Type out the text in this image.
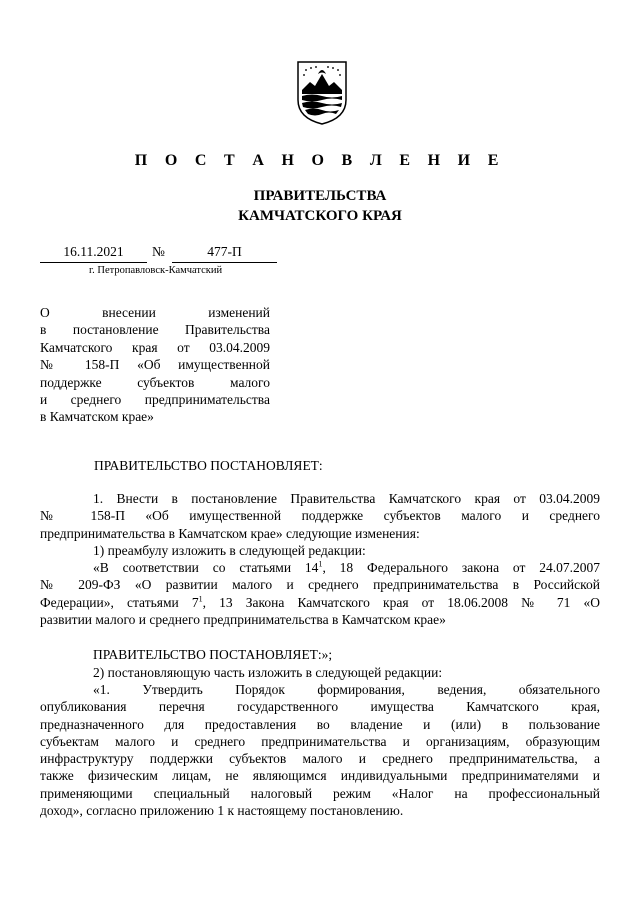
П О С Т А Н О В Л Е Н И Е
ПРАВИТЕЛЬСТВА
КАМЧАТСКОГО КРАЯ
16.11.2021	№	477-П
г. Петропавловск-Камчатский
О внесении изменений
в постановление Правительства
Камчатского края от 03.04.2009
№ 158-П «Об имущественной
поддержке субъектов малого
и среднего предпринимательства
в Камчатском крае»
ПРАВИТЕЛЬСТВО ПОСТАНОВЛЯЕТ:
1. Внести в постановление Правительства Камчатского края от 03.04.2009
№ 158-П «Об имущественной поддержке субъектов малого и среднего
предпринимательства в Камчатском крае» следующие изменения:
1) преамбулу изложить в следующей редакции:
«В соответствии со статьями $14^1$, 18 Федерального закона от 24.07.2007
№ 209-ФЗ «О развитии малого и среднего предпринимательства в Российской
Федерации», статьями $7^1$, 13 Закона Камчатского края от 18.06.2008 № 71 «О
развитии малого и среднего предпринимательства в Камчатском крае»
ПРАВИТЕЛЬСТВО ПОСТАНОВЛЯЕТ:»;
2) постановляющую часть изложить в следующей редакции:
«1. Утвердить Порядок формирования, ведения, обязательного
опубликования перечня государственного имущества Камчатского края,
предназначенного для предоставления во владение и (или) в пользование
субъектам малого и среднего предпринимательства и организациям, образующим
инфраструктуру поддержки субъектов малого и среднего предпринимательства, а
также физическим лицам, не являющимся индивидуальными предпринимателями и
применяющими специальный налоговый режим «Налог на профессиональный
доход», согласно приложению 1 к настоящему постановлению.
